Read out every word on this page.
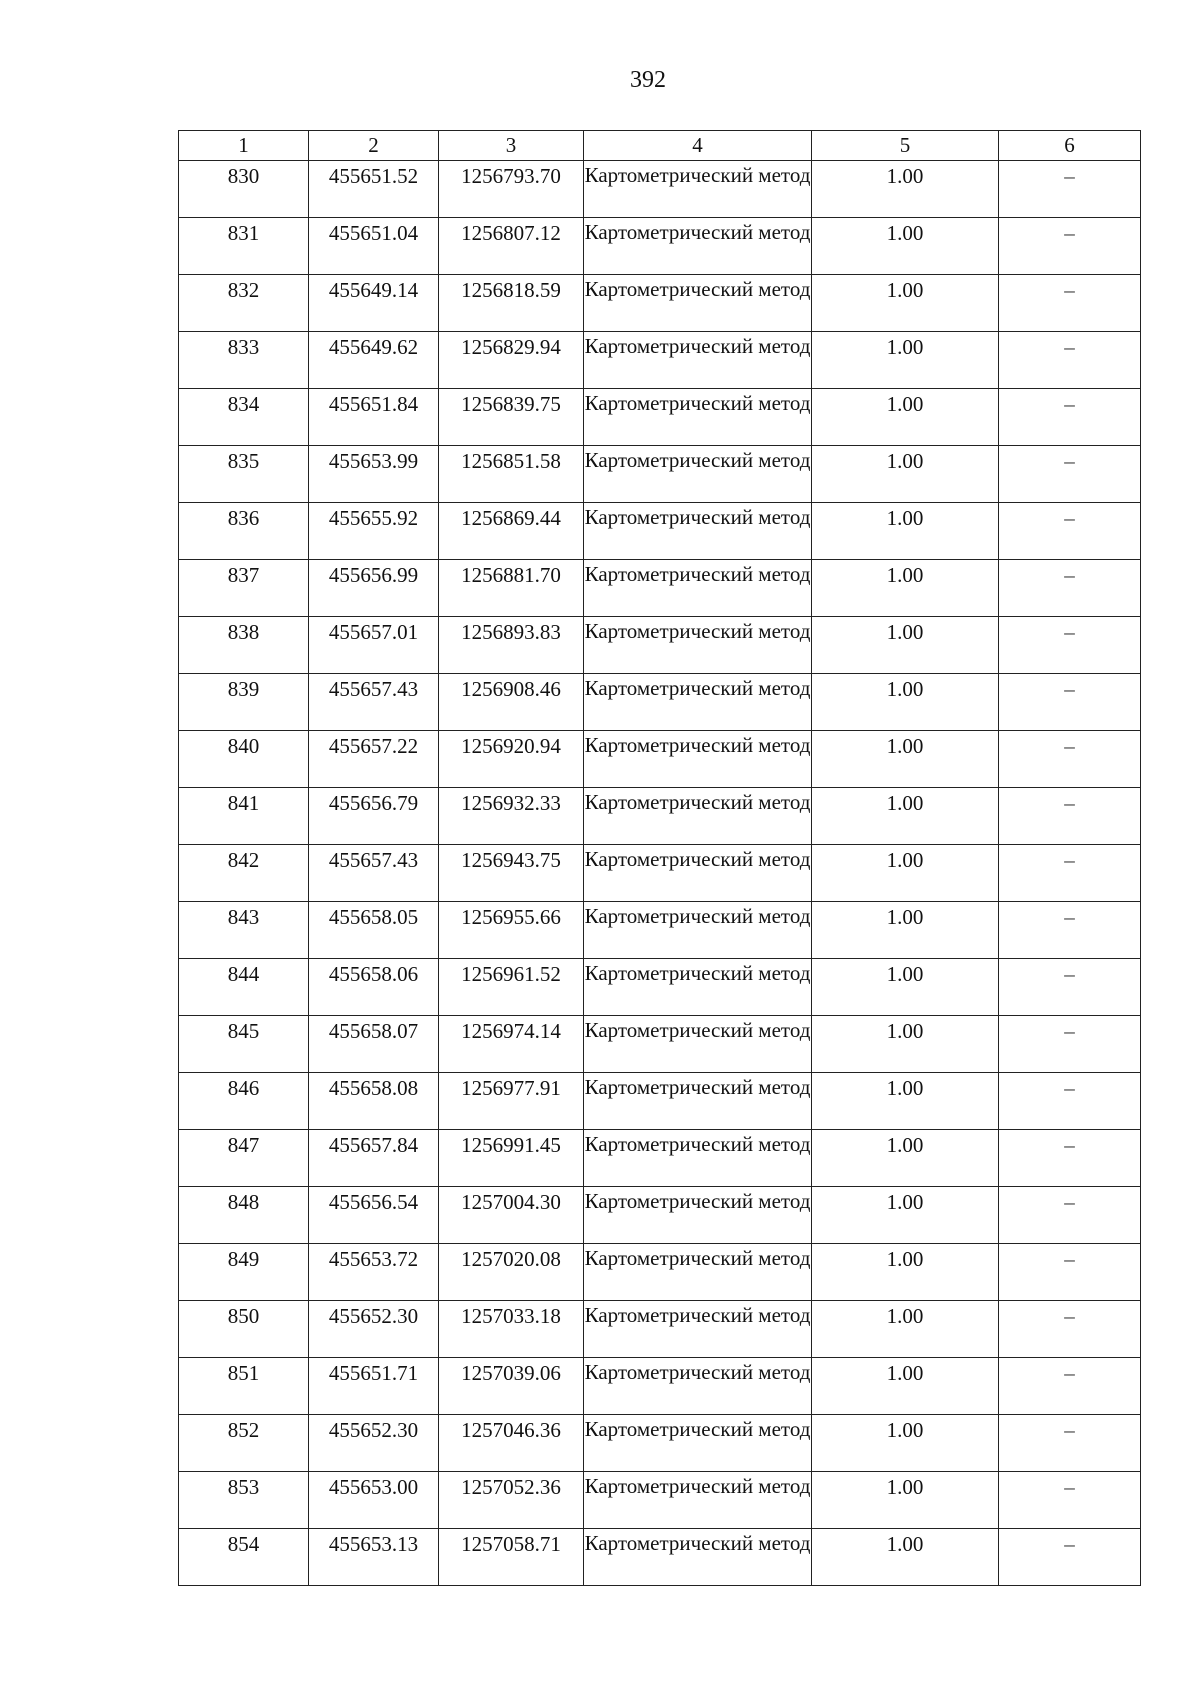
392
1	2	3	4	5	6
830	455651.52	1256793.70	Картометрический метод	1.00	–
831	455651.04	1256807.12	Картометрический метод	1.00	–
832	455649.14	1256818.59	Картометрический метод	1.00	–
833	455649.62	1256829.94	Картометрический метод	1.00	–
834	455651.84	1256839.75	Картометрический метод	1.00	–
835	455653.99	1256851.58	Картометрический метод	1.00	–
836	455655.92	1256869.44	Картометрический метод	1.00	–
837	455656.99	1256881.70	Картометрический метод	1.00	–
838	455657.01	1256893.83	Картометрический метод	1.00	–
839	455657.43	1256908.46	Картометрический метод	1.00	–
840	455657.22	1256920.94	Картометрический метод	1.00	–
841	455656.79	1256932.33	Картометрический метод	1.00	–
842	455657.43	1256943.75	Картометрический метод	1.00	–
843	455658.05	1256955.66	Картометрический метод	1.00	–
844	455658.06	1256961.52	Картометрический метод	1.00	–
845	455658.07	1256974.14	Картометрический метод	1.00	–
846	455658.08	1256977.91	Картометрический метод	1.00	–
847	455657.84	1256991.45	Картометрический метод	1.00	–
848	455656.54	1257004.30	Картометрический метод	1.00	–
849	455653.72	1257020.08	Картометрический метод	1.00	–
850	455652.30	1257033.18	Картометрический метод	1.00	–
851	455651.71	1257039.06	Картометрический метод	1.00	–
852	455652.30	1257046.36	Картометрический метод	1.00	–
853	455653.00	1257052.36	Картометрический метод	1.00	–
854	455653.13	1257058.71	Картометрический метод	1.00	–
